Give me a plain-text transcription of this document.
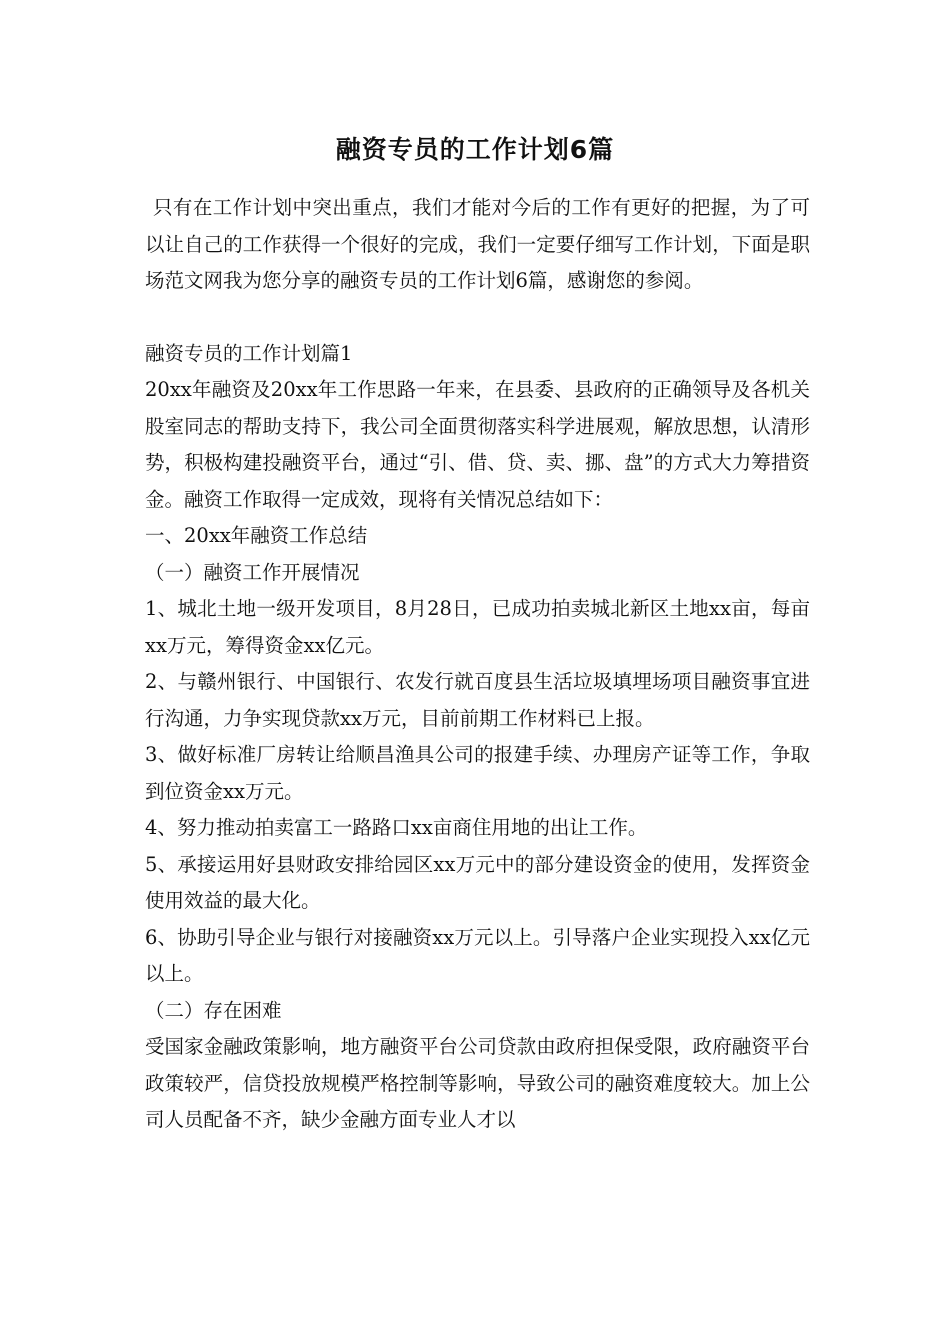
融资专员的工作计划6篇

只有在工作计划中突出重点，我们才能对今后的工作有更好的把握，为了可以让自己的工作获得一个很好的完成，我们一定要仔细写工作计划，下面是职场范文网我为您分享的融资专员的工作计划6篇，感谢您的参阅。

融资专员的工作计划篇1

20xx年融资及20xx年工作思路一年来，在县委、县政府的正确领导及各机关股室同志的帮助支持下，我公司全面贯彻落实科学进展观，解放思想，认清形势，积极构建投融资平台，通过“引、借、贷、卖、挪、盘”的方式大力筹措资金。融资工作取得一定成效，现将有关情况总结如下：

一、20xx年融资工作总结

（一）融资工作开展情况

1、城北土地一级开发项目，8月28日，已成功拍卖城北新区土地xx亩，每亩xx万元，筹得资金xx亿元。

2、与赣州银行、中国银行、农发行就百度县生活垃圾填埋场项目融资事宜进行沟通，力争实现贷款xx万元，目前前期工作材料已上报。

3、做好标准厂房转让给顺昌渔具公司的报建手续、办理房产证等工作，争取到位资金xx万元。

4、努力推动拍卖富工一路路口xx亩商住用地的出让工作。

5、承接运用好县财政安排给园区xx万元中的部分建设资金的使用，发挥资金使用效益的最大化。

6、协助引导企业与银行对接融资xx万元以上。引导落户企业实现投入xx亿元以上。

（二）存在困难

受国家金融政策影响，地方融资平台公司贷款由政府担保受限，政府融资平台政策较严，信贷投放规模严格控制等影响，导致公司的融资难度较大。加上公司人员配备不齐，缺少金融方面专业人才以
